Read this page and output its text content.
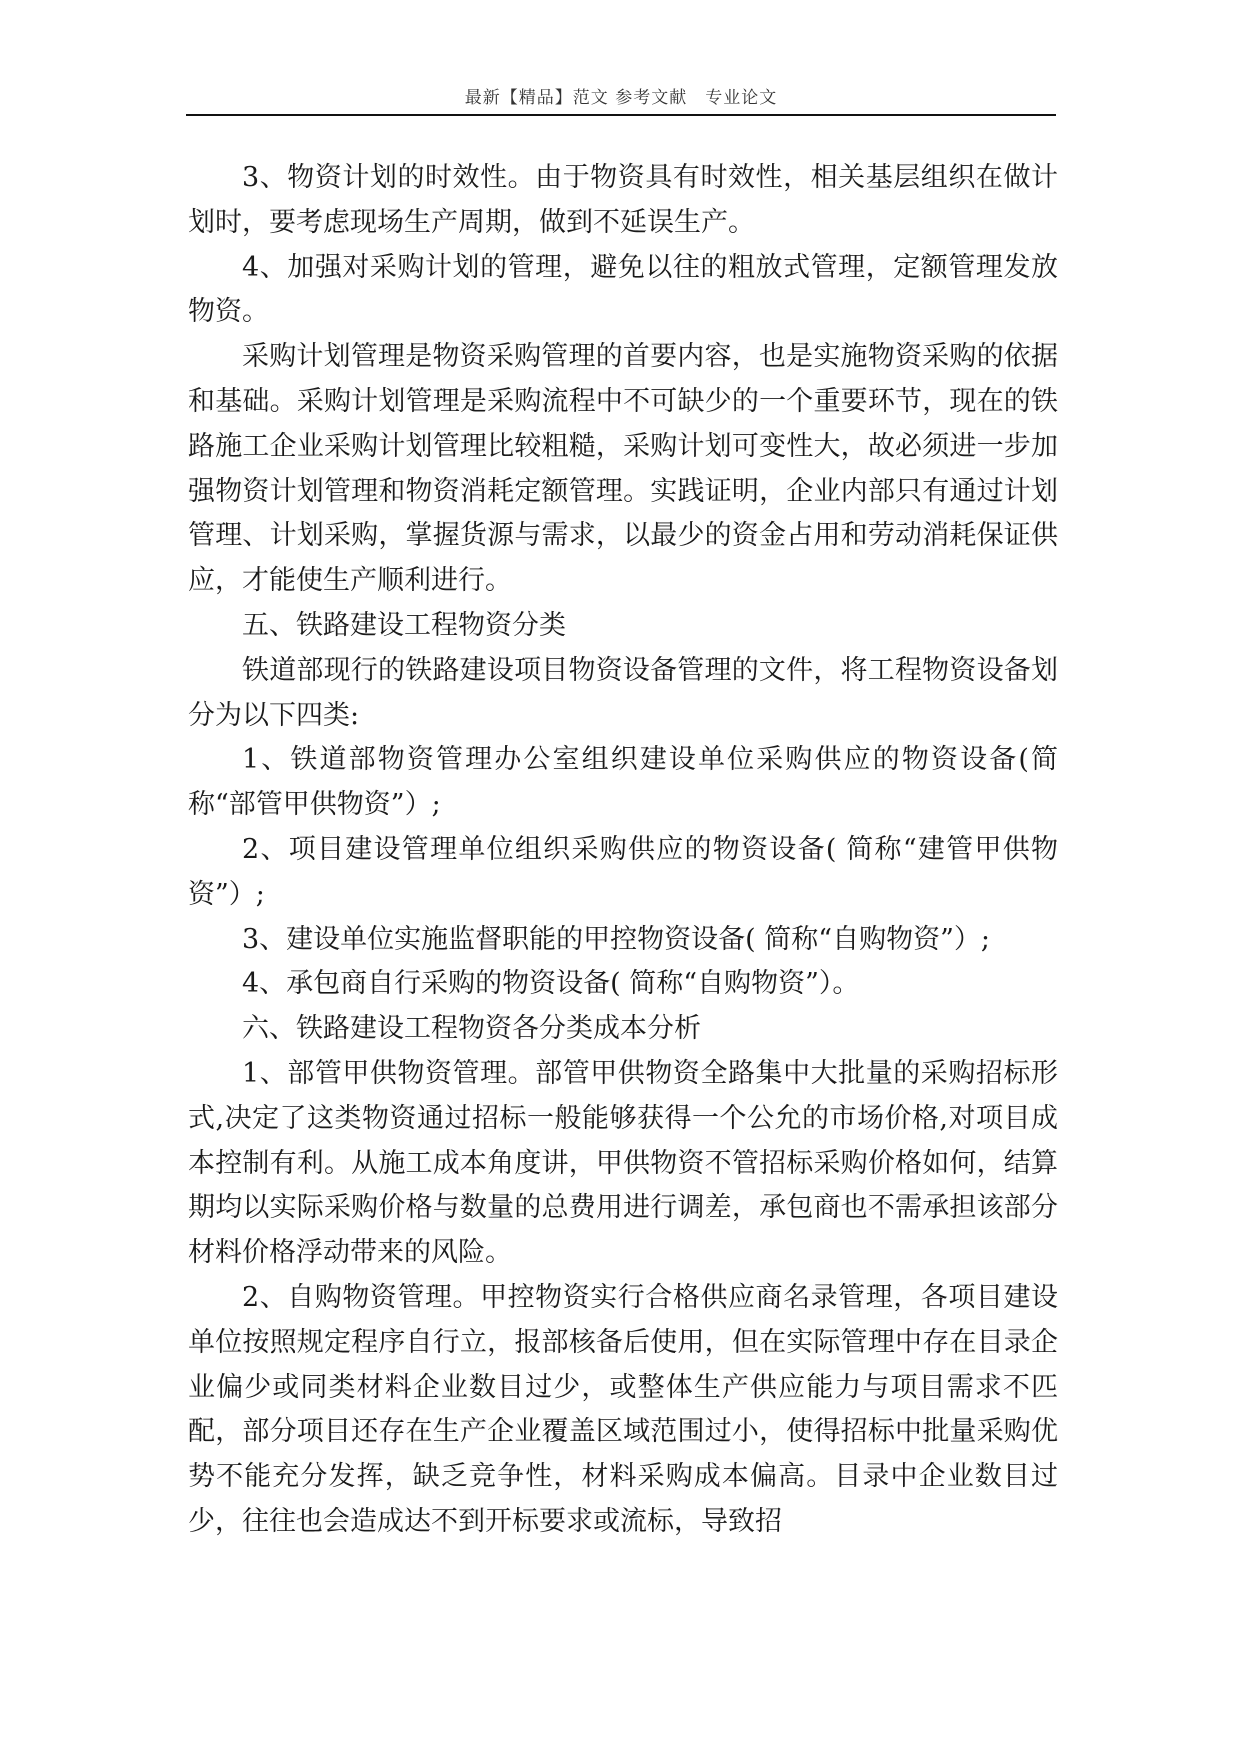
最新【精品】范文 参考文献　专业论文

3、物资计划的时效性。由于物资具有时效性，相关基层组织在做计划时，要考虑现场生产周期，做到不延误生产。

4、加强对采购计划的管理，避免以往的粗放式管理，定额管理发放物资。

采购计划管理是物资采购管理的首要内容，也是实施物资采购的依据和基础。采购计划管理是采购流程中不可缺少的一个重要环节，现在的铁路施工企业采购计划管理比较粗糙，采购计划可变性大，故必须进一步加强物资计划管理和物资消耗定额管理。实践证明，企业内部只有通过计划管理、计划采购，掌握货源与需求，以最少的资金占用和劳动消耗保证供应，才能使生产顺利进行。

五、铁路建设工程物资分类

铁道部现行的铁路建设项目物资设备管理的文件，将工程物资设备划分为以下四类:

1、铁道部物资管理办公室组织建设单位采购供应的物资设备(简称“部管甲供物资”）;

2、项目建设管理单位组织采购供应的物资设备( 简称“建管甲供物资”）;

3、建设单位实施监督职能的甲控物资设备( 简称“自购物资”）;

4、承包商自行采购的物资设备( 简称“自购物资”）。

六、铁路建设工程物资各分类成本分析

1、部管甲供物资管理。部管甲供物资全路集中大批量的采购招标形式,决定了这类物资通过招标一般能够获得一个公允的市场价格,对项目成本控制有利。从施工成本角度讲，甲供物资不管招标采购价格如何，结算期均以实际采购价格与数量的总费用进行调差，承包商也不需承担该部分材料价格浮动带来的风险。

2、自购物资管理。甲控物资实行合格供应商名录管理，各项目建设单位按照规定程序自行立，报部核备后使用，但在实际管理中存在目录企业偏少或同类材料企业数目过少，或整体生产供应能力与项目需求不匹配，部分项目还存在生产企业覆盖区域范围过小，使得招标中批量采购优势不能充分发挥，缺乏竞争性，材料采购成本偏高。目录中企业数目过少，往往也会造成达不到开标要求或流标，导致招
